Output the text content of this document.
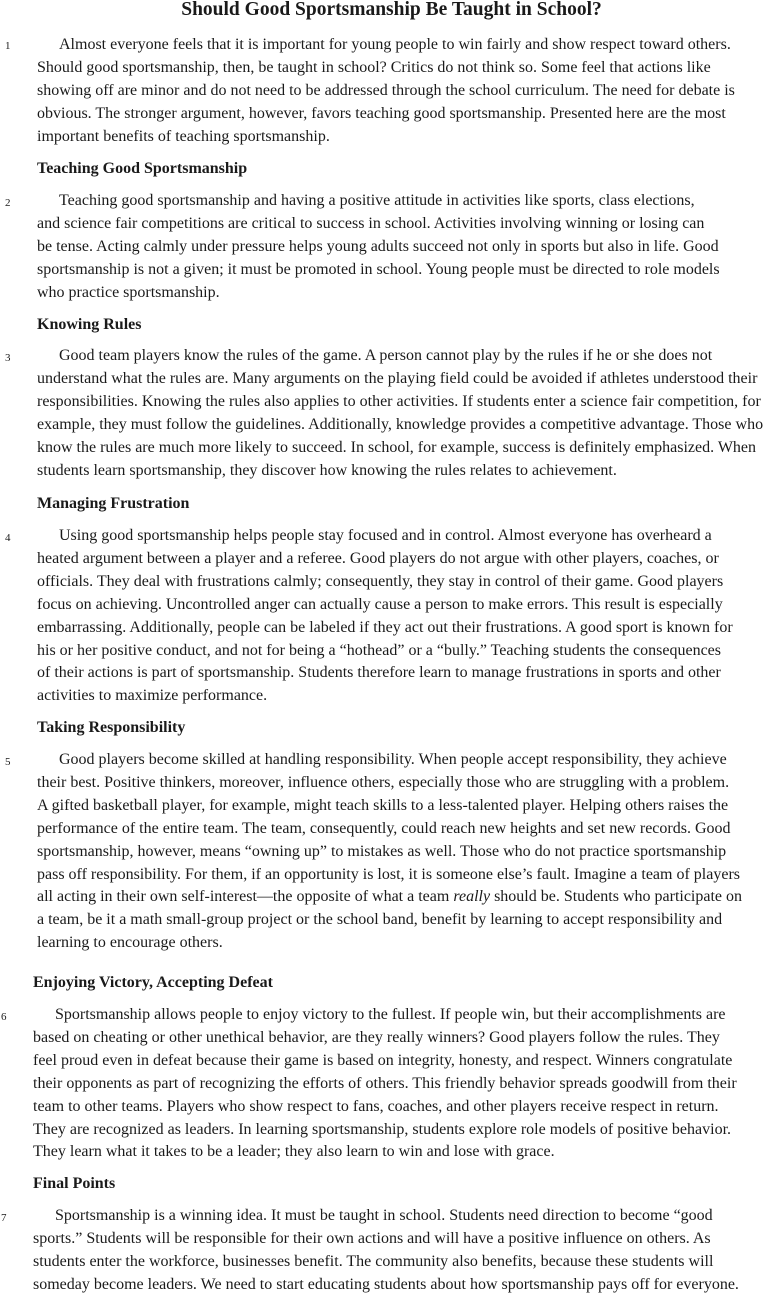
Should Good Sportsmanship Be Taught in School?
1	Almost everyone feels that it is important for young people to win fairly and show respect toward others.
Should good sportsmanship, then, be taught in school? Critics do not think so. Some feel that actions like
showing off are minor and do not need to be addressed through the school curriculum. The need for debate is
obvious. The stronger argument, however, favors teaching good sportsmanship. Presented here are the most
important benefits of teaching sportsmanship.
Teaching Good Sportsmanship
2	Teaching good sportsmanship and having a positive attitude in activities like sports, class elections,
and science fair competitions are critical to success in school. Activities involving winning or losing can
be tense. Acting calmly under pressure helps young adults succeed not only in sports but also in life. Good
sportsmanship is not a given; it must be promoted in school. Young people must be directed to role models
who practice sportsmanship.
Knowing Rules
3	Good team players know the rules of the game. A person cannot play by the rules if he or she does not
understand what the rules are. Many arguments on the playing field could be avoided if athletes understood their
responsibilities. Knowing the rules also applies to other activities. If students enter a science fair competition, for
example, they must follow the guidelines. Additionally, knowledge provides a competitive advantage. Those who
know the rules are much more likely to succeed. In school, for example, success is definitely emphasized. When
students learn sportsmanship, they discover how knowing the rules relates to achievement.
Managing Frustration
4	Using good sportsmanship helps people stay focused and in control. Almost everyone has overheard a
heated argument between a player and a referee. Good players do not argue with other players, coaches, or
officials. They deal with frustrations calmly; consequently, they stay in control of their game. Good players
focus on achieving. Uncontrolled anger can actually cause a person to make errors. This result is especially
embarrassing. Additionally, people can be labeled if they act out their frustrations. A good sport is known for
his or her positive conduct, and not for being a “hothead” or a “bully.” Teaching students the consequences
of their actions is part of sportsmanship. Students therefore learn to manage frustrations in sports and other
activities to maximize performance.
Taking Responsibility
5	Good players become skilled at handling responsibility. When people accept responsibility, they achieve
their best. Positive thinkers, moreover, influence others, especially those who are struggling with a problem.
A gifted basketball player, for example, might teach skills to a less-talented player. Helping others raises the
performance of the entire team. The team, consequently, could reach new heights and set new records. Good
sportsmanship, however, means “owning up” to mistakes as well. Those who do not practice sportsmanship
pass off responsibility. For them, if an opportunity is lost, it is someone else’s fault. Imagine a team of players
all acting in their own self-interest—the opposite of what a team really should be. Students who participate on
a team, be it a math small-group project or the school band, benefit by learning to accept responsibility and
learning to encourage others.
Enjoying Victory, Accepting Defeat
6	Sportsmanship allows people to enjoy victory to the fullest. If people win, but their accomplishments are
based on cheating or other unethical behavior, are they really winners? Good players follow the rules. They
feel proud even in defeat because their game is based on integrity, honesty, and respect. Winners congratulate
their opponents as part of recognizing the efforts of others. This friendly behavior spreads goodwill from their
team to other teams. Players who show respect to fans, coaches, and other players receive respect in return.
They are recognized as leaders. In learning sportsmanship, students explore role models of positive behavior.
They learn what it takes to be a leader; they also learn to win and lose with grace.
Final Points
7	Sportsmanship is a winning idea. It must be taught in school. Students need direction to become “good
sports.” Students will be responsible for their own actions and will have a positive influence on others. As
students enter the workforce, businesses benefit. The community also benefits, because these students will
someday become leaders. We need to start educating students about how sportsmanship pays off for everyone.
